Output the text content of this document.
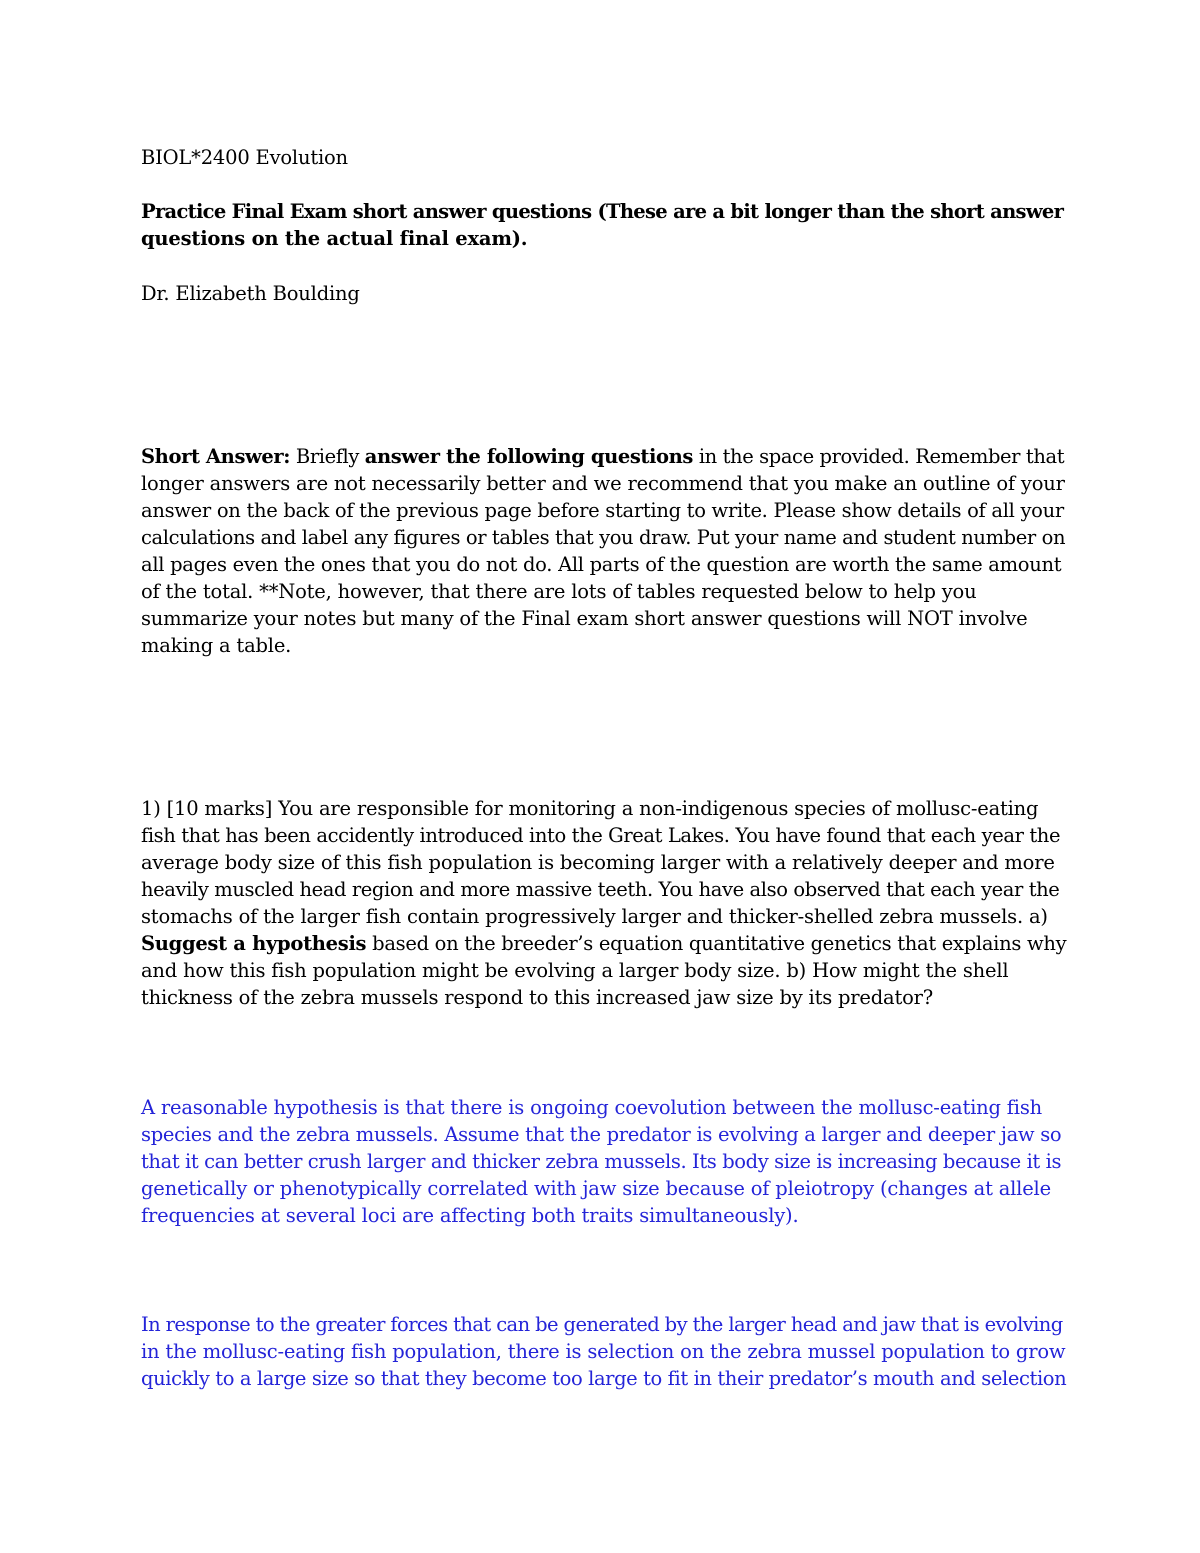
BIOL*2400 Evolution
Practice Final Exam short answer questions (These are a bit longer than the short answer
questions on the actual final exam).
Dr. Elizabeth Boulding
Short Answer: Briefly answer the following questions in the space provided. Remember that
longer answers are not necessarily better and we recommend that you make an outline of your
answer on the back of the previous page before starting to write. Please show details of all your
calculations and label any figures or tables that you draw. Put your name and student number on
all pages even the ones that you do not do. All parts of the question are worth the same amount
of the total. **Note, however, that there are lots of tables requested below to help you
summarize your notes but many of the Final exam short answer questions will NOT involve
making a table.
1) [10 marks] You are responsible for monitoring a non-indigenous species of mollusc-eating
fish that has been accidently introduced into the Great Lakes. You have found that each year the
average body size of this fish population is becoming larger with a relatively deeper and more
heavily muscled head region and more massive teeth. You have also observed that each year the
stomachs of the larger fish contain progressively larger and thicker-shelled zebra mussels. a)
Suggest a hypothesis based on the breeder’s equation quantitative genetics that explains why
and how this fish population might be evolving a larger body size. b) How might the shell
thickness of the zebra mussels respond to this increased jaw size by its predator?
A reasonable hypothesis is that there is ongoing coevolution between the mollusc-eating fish
species and the zebra mussels. Assume that the predator is evolving a larger and deeper jaw so
that it can better crush larger and thicker zebra mussels. Its body size is increasing because it is
genetically or phenotypically correlated with jaw size because of pleiotropy (changes at allele
frequencies at several loci are affecting both traits simultaneously).
In response to the greater forces that can be generated by the larger head and jaw that is evolving
in the mollusc-eating fish population, there is selection on the zebra mussel population to grow
quickly to a large size so that they become too large to fit in their predator’s mouth and selection
